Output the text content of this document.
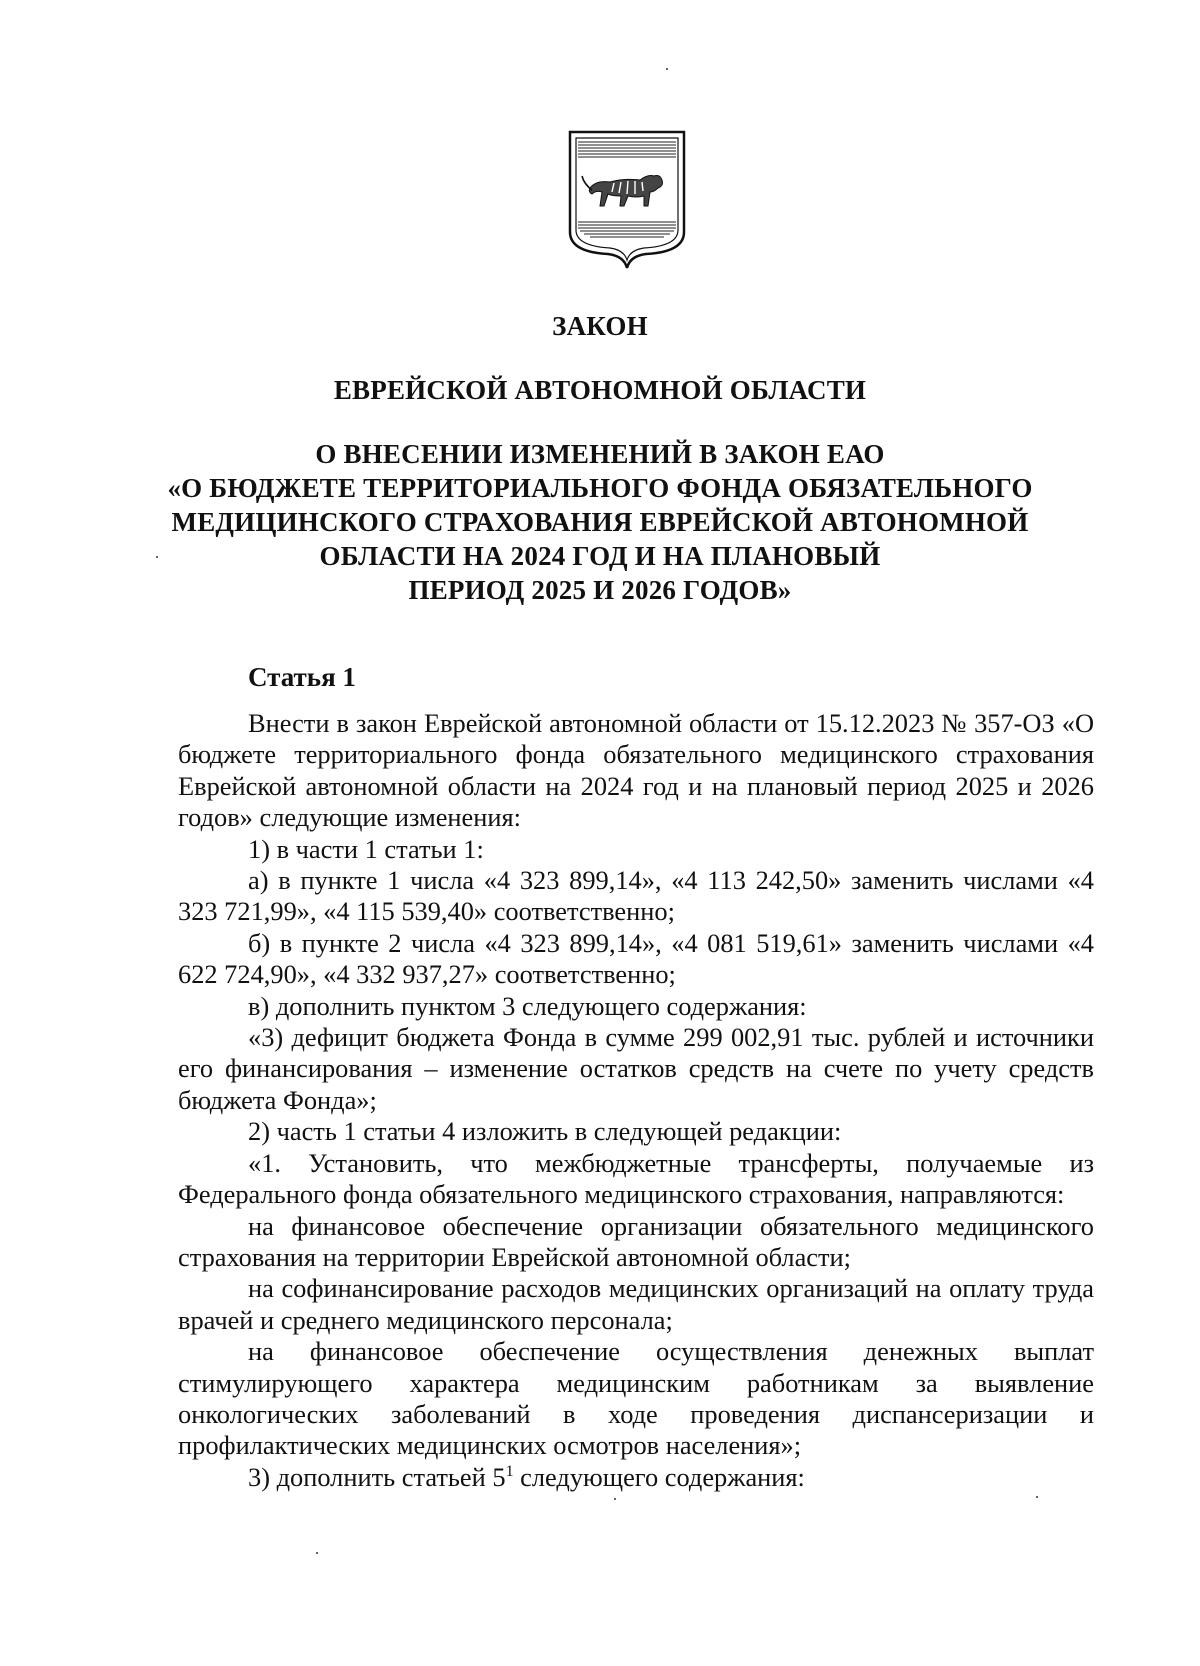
ЗАКОН
ЕВРЕЙСКОЙ АВТОНОМНОЙ ОБЛАСТИ
О ВНЕСЕНИИ ИЗМЕНЕНИЙ В ЗАКОН ЕАО
«О БЮДЖЕТЕ ТЕРРИТОРИАЛЬНОГО ФОНДА ОБЯЗАТЕЛЬНОГО
МЕДИЦИНСКОГО СТРАХОВАНИЯ ЕВРЕЙСКОЙ АВТОНОМНОЙ
ОБЛАСТИ НА 2024 ГОД И НА ПЛАНОВЫЙ
ПЕРИОД 2025 И 2026 ГОДОВ»
Статья 1

Внести в закон Еврейской автономной области от 15.12.2023 № 357-ОЗ «О бюджете территориального фонда обязательного медицинского страхования Еврейской автономной области на 2024 год и на плановый период 2025 и 2026 годов» следующие изменения:

1) в части 1 статьи 1:

а) в пункте 1 числа «4 323 899,14», «4 113 242,50» заменить числами «4 323 721,99», «4 115 539,40» соответственно;

б) в пункте 2 числа «4 323 899,14», «4 081 519,61» заменить числами «4 622 724,90», «4 332 937,27» соответственно;

в) дополнить пунктом 3 следующего содержания:

«3) дефицит бюджета Фонда в сумме 299 002,91 тыс. рублей и источники его финансирования – изменение остатков средств на счете по учету средств бюджета Фонда»;

2) часть 1 статьи 4 изложить в следующей редакции:

«1. Установить, что межбюджетные трансферты, получаемые из Федерального фонда обязательного медицинского страхования, направляются:

на финансовое обеспечение организации обязательного медицинского страхования на территории Еврейской автономной области;

на софинансирование расходов медицинских организаций на оплату труда врачей и среднего медицинского персонала;

на финансовое обеспечение осуществления денежных выплат стимулирующего характера медицинским работникам за выявление онкологических заболеваний в ходе проведения диспансеризации и профилактических медицинских осмотров населения»;

3) дополнить статьей $5^1$ следующего содержания:
